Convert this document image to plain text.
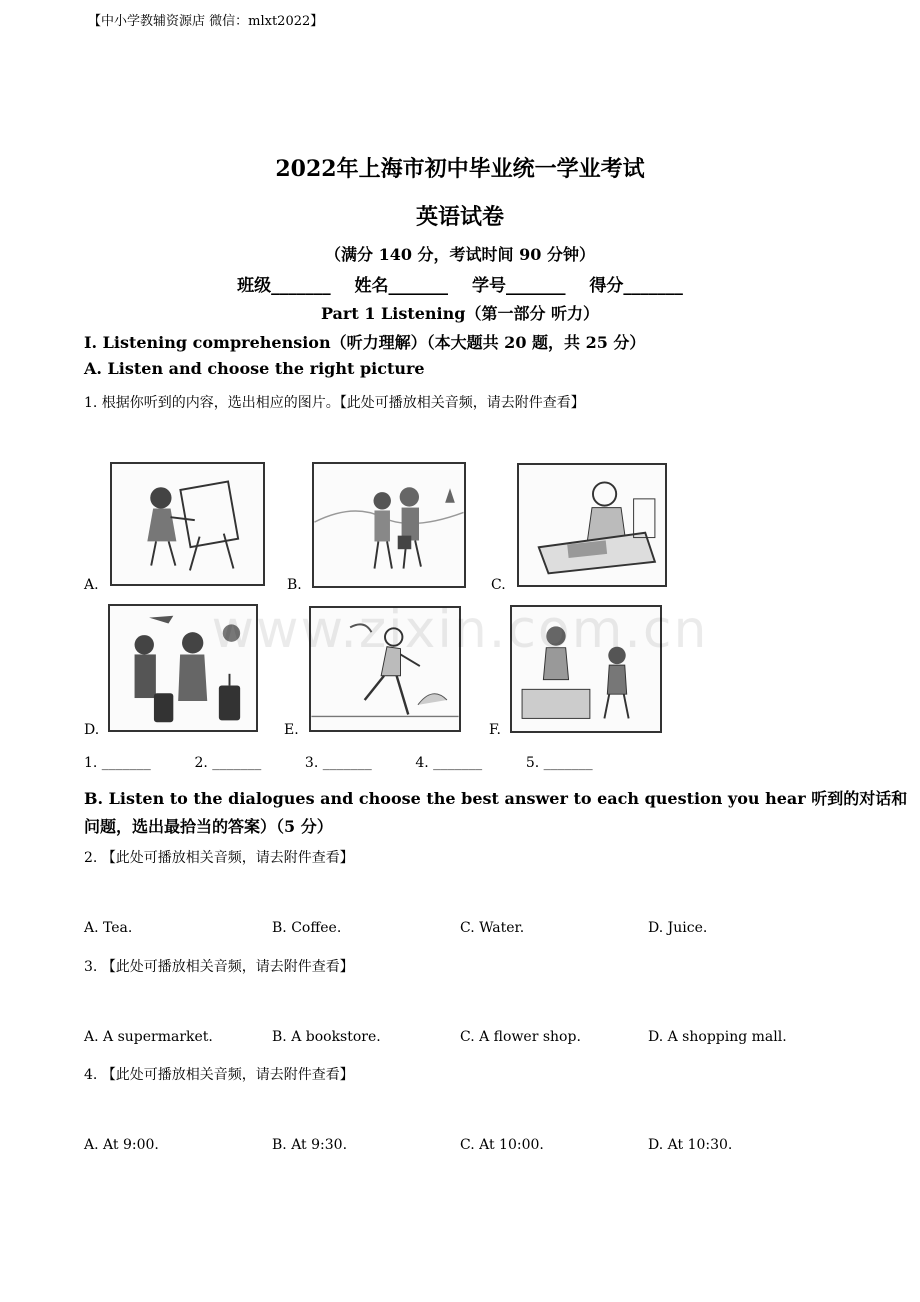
【中小学教辅资源店 微信：mlxt2022】
2022年上海市初中毕业统一学业考试
英语试卷
（满分 140 分，考试时间 90 分钟）
班级_______ 姓名_______ 学号_______ 得分_______
Part 1 Listening（第一部分 听力）
I. Listening comprehension（听力理解）（本大题共 20 题，共 25 分）
A. Listen and choose the right picture
1. 根据你听到的内容，选出相应的图片。【此处可播放相关音频，请去附件查看】
A.	B.	C.
D.	E.	F.
www.zixin.com.cn
1. _______	2. _______	3. _______	4. _______	5. _______
B. Listen to the dialogues and choose the best answer to each question you hear 听到的对话和
问题，选出最拾当的答案）（5 分）
2. 【此处可播放相关音频，请去附件查看】
A. Tea.	B. Coffee.	C. Water.	D. Juice.
3. 【此处可播放相关音频，请去附件查看】
A. A supermarket.	B. A bookstore.	C. A flower shop.	D. A shopping mall.
4. 【此处可播放相关音频，请去附件查看】
A. At 9:00.	B. At 9:30.	C. At 10:00.	D. At 10:30.
